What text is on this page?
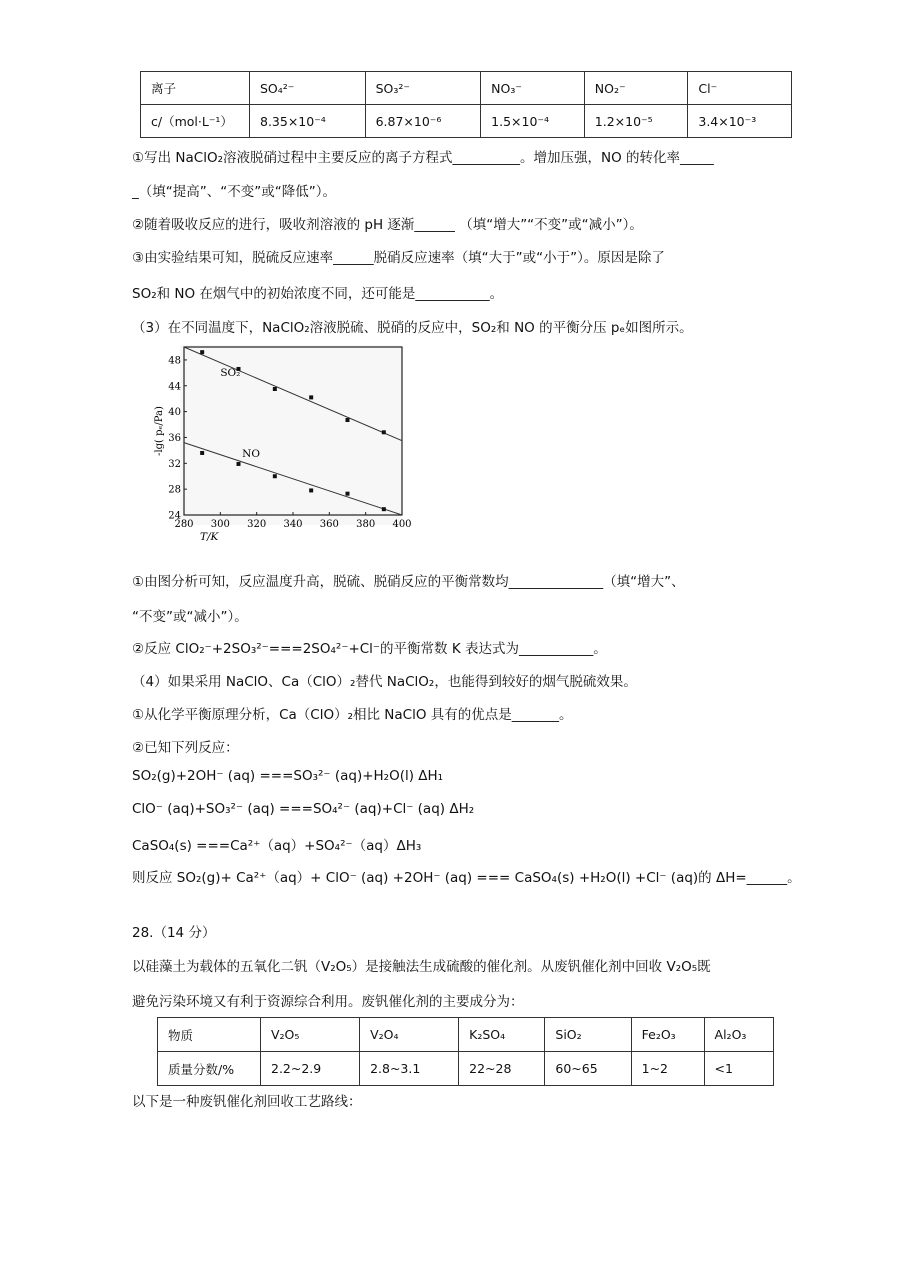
离子	SO₄²⁻	SO₃²⁻	NO₃⁻	NO₂⁻	Cl⁻
c/（mol·L⁻¹）	8.35×10⁻⁴	6.87×10⁻⁶	1.5×10⁻⁴	1.2×10⁻⁵	3.4×10⁻³
①写出 NaClO₂溶液脱硝过程中主要反应的离子方程式__________。增加压强，NO 的转化率_____
_（填“提高”、“不变”或“降低”）。
②随着吸收反应的进行，吸收剂溶液的 pH 逐渐______ （填“增大”“不变”或“减小”）。
③由实验结果可知，脱硫反应速率______脱硝反应速率（填“大于”或“小于”）。原因是除了
SO₂和 NO 在烟气中的初始浓度不同，还可能是___________。
（3）在不同温度下，NaClO₂溶液脱硫、脱硝的反应中，SO₂和 NO 的平衡分压 pₑ如图所示。
280 300 320 340 360 380 400
24
28
32
36
40
44
48
T/K
-lg( pₑ/Pa)
SO₂
NO
①由图分析可知，反应温度升高，脱硫、脱硝反应的平衡常数均______________（填“增大”、
“不变”或“减小”）。
②反应 ClO₂⁻+2SO₃²⁻===2SO₄²⁻+Cl⁻的平衡常数 K 表达式为___________。
（4）如果采用 NaClO、Ca（ClO）₂替代 NaClO₂，也能得到较好的烟气脱硫效果。
①从化学平衡原理分析，Ca（ClO）₂相比 NaClO 具有的优点是_______。
②已知下列反应：
SO₂(g)+2OH⁻ (aq) ===SO₃²⁻ (aq)+H₂O(l) ΔH₁
ClO⁻ (aq)+SO₃²⁻ (aq) ===SO₄²⁻ (aq)+Cl⁻ (aq) ΔH₂
CaSO₄(s) ===Ca²⁺（aq）+SO₄²⁻（aq）ΔH₃
则反应 SO₂(g)+ Ca²⁺（aq）+ ClO⁻ (aq) +2OH⁻ (aq) === CaSO₄(s) +H₂O(l) +Cl⁻ (aq)的 ΔH=______。
28.（14 分）
以硅藻土为载体的五氧化二钒（V₂O₅）是接触法生成硫酸的催化剂。从废钒催化剂中回收 V₂O₅既
避免污染环境又有利于资源综合利用。废钒催化剂的主要成分为：
物质	V₂O₅	V₂O₄	K₂SO₄	SiO₂	Fe₂O₃	Al₂O₃
质量分数/%	2.2~2.9	2.8~3.1	22~28	60~65	1~2	<1
以下是一种废钒催化剂回收工艺路线：
